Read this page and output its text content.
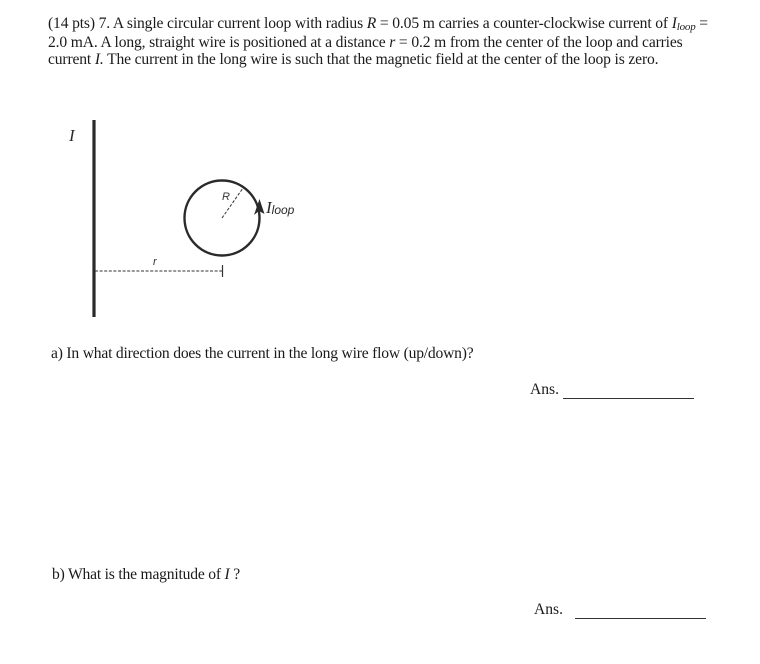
(14 pts) 7. A single circular current loop with radius R = 0.05 m carries a counter-clockwise current of Iloop = 2.0 mA. A long, straight wire is positioned at a distance r = 0.2 m from the center of the loop and carries current I. The current in the long wire is such that the magnetic field at the center of the loop is zero.

I
r
R
Iloop
a) In what direction does the current in the long wire flow (up/down)?
Ans.
b) What is the magnitude of I ?
Ans.
